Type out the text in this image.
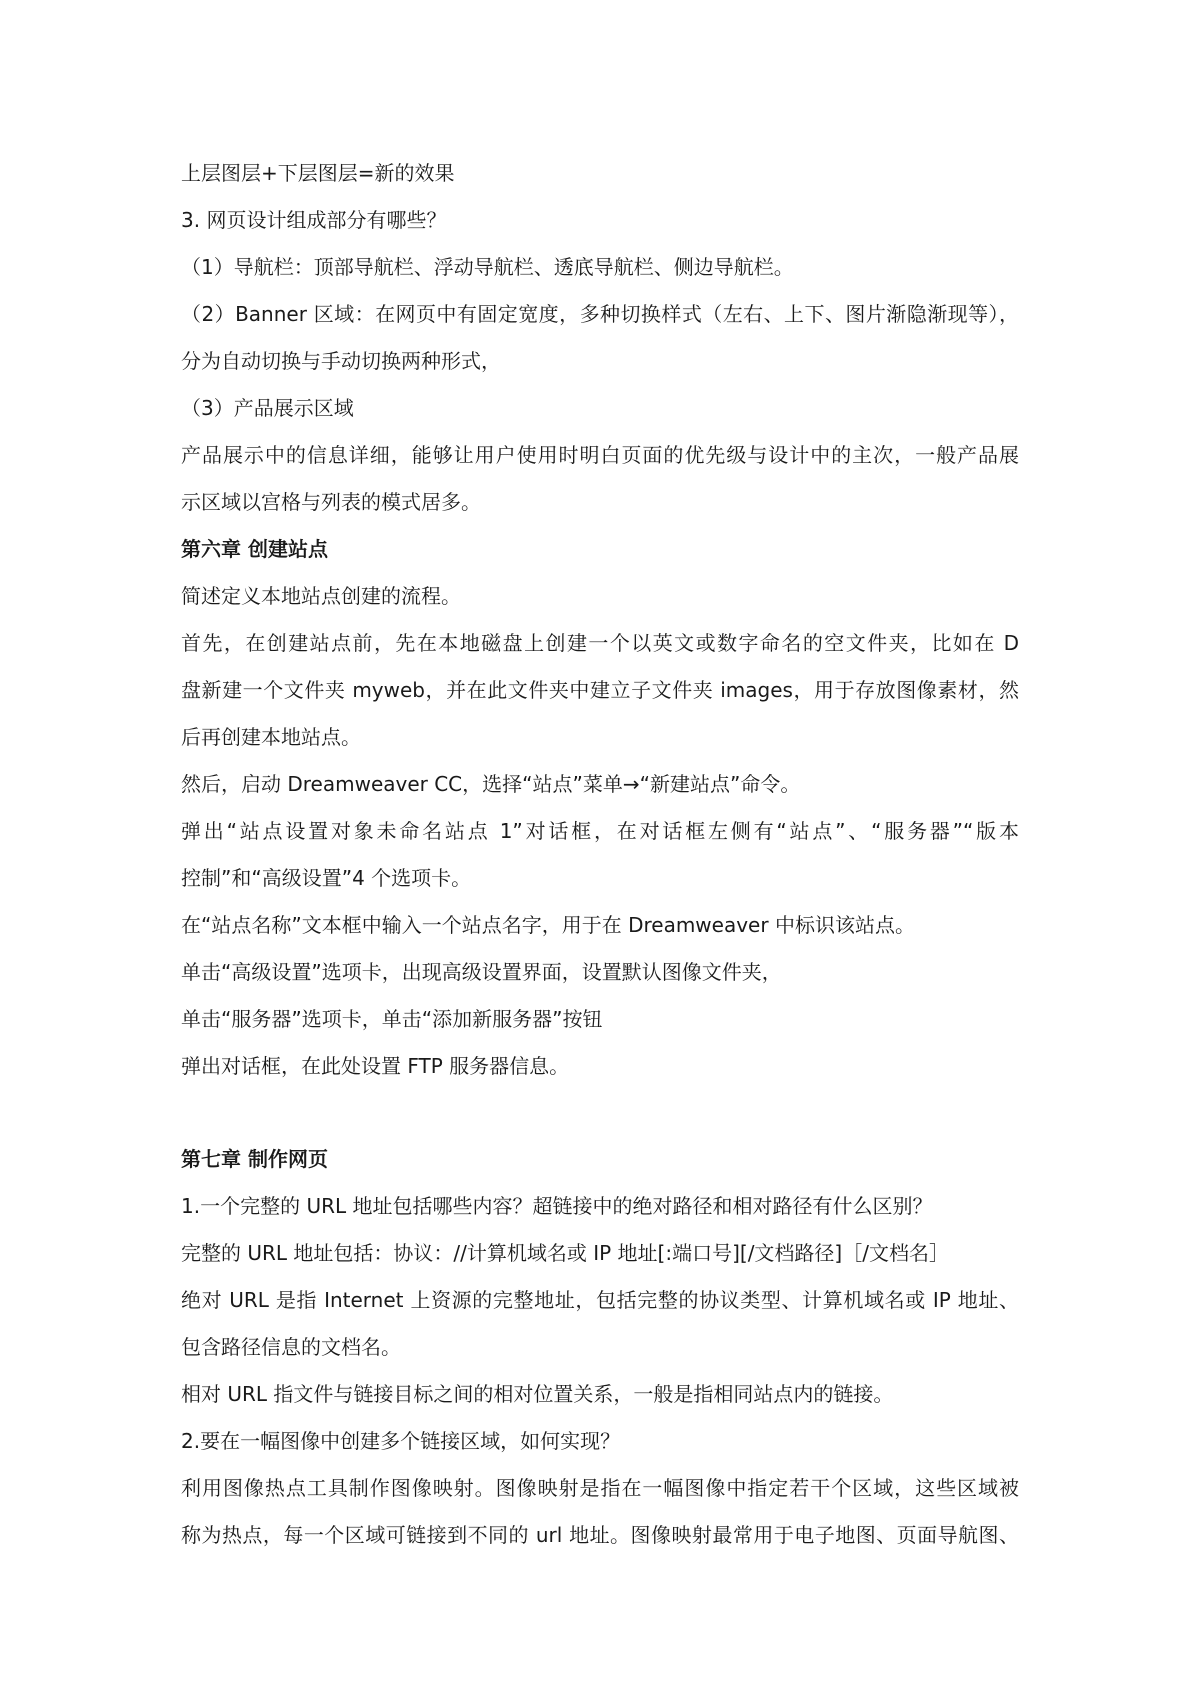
上层图层+下层图层=新的效果
3. 网页设计组成部分有哪些？
（1）导航栏：顶部导航栏、浮动导航栏、透底导航栏、侧边导航栏。
（2）Banner 区域：在网页中有固定宽度，多种切换样式（左右、上下、图片渐隐渐现等），
分为自动切换与手动切换两种形式，
（3）产品展示区域
产品展示中的信息详细，能够让用户使用时明白页面的优先级与设计中的主次，一般产品展
示区域以宫格与列表的模式居多。
第六章 创建站点
简述定义本地站点创建的流程。
首先，在创建站点前，先在本地磁盘上创建一个以英文或数字命名的空文件夹，比如在 D
盘新建一个文件夹 myweb，并在此文件夹中建立子文件夹 images，用于存放图像素材，然
后再创建本地站点。
然后，启动 Dreamweaver CC，选择“站点”菜单→“新建站点”命令。
弹出“站点设置对象未命名站点 1”对话框，在对话框左侧有“站点”、“服务器”“版本
控制”和“高级设置”4 个选项卡。
在“站点名称”文本框中输入一个站点名字，用于在 Dreamweaver 中标识该站点。
单击“高级设置”选项卡，出现高级设置界面，设置默认图像文件夹，
单击“服务器”选项卡，单击“添加新服务器”按钮
弹出对话框，在此处设置 FTP 服务器信息。
第七章 制作网页
1.一个完整的 URL 地址包括哪些内容？超链接中的绝对路径和相对路径有什么区别？
完整的 URL 地址包括：协议：//计算机域名或 IP 地址[:端口号][/文档路径]［/文档名］
绝对 URL 是指 Internet 上资源的完整地址，包括完整的协议类型、计算机域名或 IP 地址、
包含路径信息的文档名。
相对 URL 指文件与链接目标之间的相对位置关系，一般是指相同站点内的链接。
2.要在一幅图像中创建多个链接区域，如何实现？
利用图像热点工具制作图像映射。图像映射是指在一幅图像中指定若干个区域，这些区域被
称为热点，每一个区域可链接到不同的 url 地址。图像映射最常用于电子地图、页面导航图、
